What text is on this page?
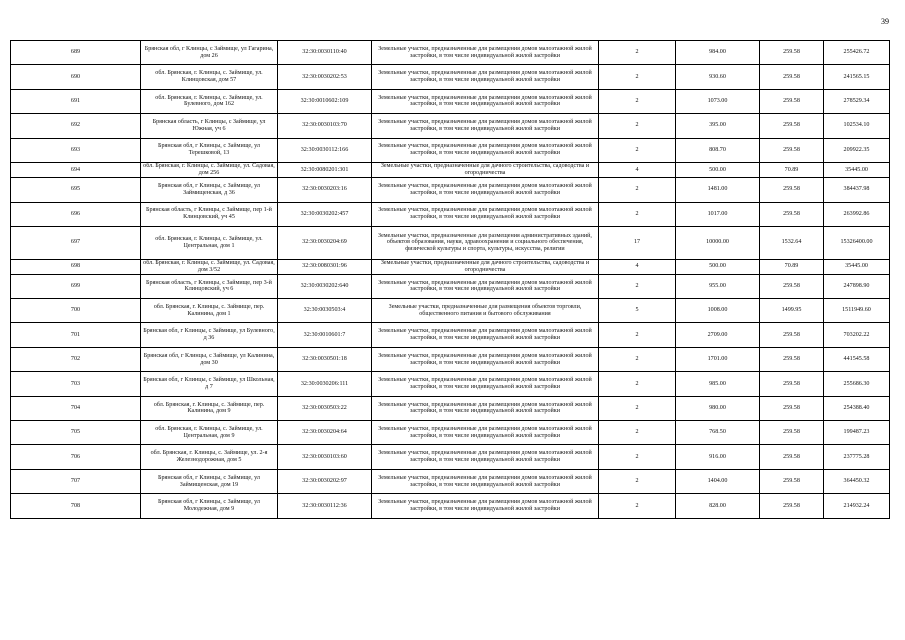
39
689	Брянская обл, г Клинцы, с Займище, ул Гагарина, дом 26	32:30:0030110:40	Земельные участки, предназначенные для размещения домов малоэтажной жилой застройки, в том числе индивидуальной жилой застройки	2	984.00	259.58	255426.72
690	обл. Брянская, г. Клинцы, с. Займище, ул. Клинцовская, дом 57	32:30:0030202:53	Земельные участки, предназначенные для размещения домов малоэтажной жилой застройки, в том числе индивидуальной жилой застройки	2	930.60	259.58	241565.15
691	обл. Брянская, г. Клинцы, с. Займище, ул. Булевного, дом 162	32:30:0010602:109	Земельные участки, предназначенные для размещения домов малоэтажной жилой застройки, в том числе индивидуальной жилой застройки	2	1073.00	259.58	278529.34
692	Брянская область, г Клинцы, с Займище, ул Южная, уч 6	32:30:0030103:70	Земельные участки, предназначенные для размещения домов малоэтажной жилой застройки, в том числе индивидуальной жилой застройки	2	395.00	259.58	102534.10
693	Брянская обл, г Клинцы, с Займище, ул Терешковой, 13	32:30:0030112:166	Земельные участки, предназначенные для размещения домов малоэтажной жилой застройки, в том числе индивидуальной жилой застройки	2	808.70	259.58	209922.35
694	обл. Брянская, г. Клинцы, с. Займище, ул. Садовая, дом 256	32:30:0080201:301	Земельные участки, предназначенные для дачного строительства, садоводства и огородничества	4	500.00	70.89	35445.00
695	Брянская обл, г Клинцы, с Займище, ул Займищенская, д 36	32:30:0030203:16	Земельные участки, предназначенные для размещения домов малоэтажной жилой застройки, в том числе индивидуальной жилой застройки	2	1481.00	259.58	384437.98
696	Брянская область, г Клинцы, с Займище, пер 1-й Клинцовский, уч 45	32:30:0030202:457	Земельные участки, предназначенные для размещения домов малоэтажной жилой застройки, в том числе индивидуальной жилой застройки	2	1017.00	259.58	263992.86
697	обл. Брянская, г. Клинцы, с. Займище, ул. Центральная, дом 1	32:30:0030204:69	Земельные участки, предназначенные для размещения административных зданий, объектов образования, науки, здравоохранения и социального обеспечения, физической культуры и спорта, культуры, искусства, религии	17	10000.00	1532.64	15326400.00
698	обл. Брянская, г. Клинцы, с. Займище, ул. Садовая, дом 3/52	32:30:0080301:96	Земельные участки, предназначенные для дачного строительства, садоводства и огородничества	4	500.00	70.89	35445.00
699	Брянская область, г Клинцы, с Займище, пер 3-й Клинцовский, уч 6	32:30:0030202:640	Земельные участки, предназначенные для размещения домов малоэтажной жилой застройки, в том числе индивидуальной жилой застройки	2	955.00	259.58	247898.90
700	обл. Брянская, г. Клинцы, с. Займище, пер. Калинина, дом 1	32:30:0030503:4	Земельные участки, предназначенные для размещения объектов торговли, общественного питания и бытового обслуживания	5	1008.00	1499.95	1511949.60
701	Брянская обл, г Клинцы, с Займище, ул Булевного, д 36	32:30:0010601:7	Земельные участки, предназначенные для размещения домов малоэтажной жилой застройки, в том числе индивидуальной жилой застройки	2	2709.00	259.58	703202.22
702	Брянская обл, г Клинцы, с Займище, ул Калинина, дом 30	32:30:0030501:18	Земельные участки, предназначенные для размещения домов малоэтажной жилой застройки, в том числе индивидуальной жилой застройки	2	1701.00	259.58	441545.58
703	Брянская обл, г Клинцы, с Займище, ул Школьная, д 7	32:30:0030206:111	Земельные участки, предназначенные для размещения домов малоэтажной жилой застройки, в том числе индивидуальной жилой застройки	2	985.00	259.58	255686.30
704	обл. Брянская, г. Клинцы, с. Займище, пер. Калинина, дом 9	32:30:0030503:22	Земельные участки, предназначенные для размещения домов малоэтажной жилой застройки, в том числе индивидуальной жилой застройки	2	980.00	259.58	254388.40
705	обл. Брянская, г. Клинцы, с. Займище, ул. Центральная, дом 9	32:30:0030204:64	Земельные участки, предназначенные для размещения домов малоэтажной жилой застройки, в том числе индивидуальной жилой застройки	2	768.50	259.58	199487.23
706	обл. Брянская, г. Клинцы, с. Займище, ул. 2-я Железнодорожная, дом 5	32:30:0030103:60	Земельные участки, предназначенные для размещения домов малоэтажной жилой застройки, в том числе индивидуальной жилой застройки	2	916.00	259.58	237775.28
707	Брянская обл, г Клинцы, с Займище, ул Займищенская, дом 19	32:30:0030202:97	Земельные участки, предназначенные для размещения домов малоэтажной жилой застройки, в том числе индивидуальной жилой застройки	2	1404.00	259.58	364450.32
708	Брянская обл, г Клинцы, с Займище, ул Молодежная, дом 9	32:30:0030112:36	Земельные участки, предназначенные для размещения домов малоэтажной жилой застройки, в том числе индивидуальной жилой застройки	2	828.00	259.58	214932.24
